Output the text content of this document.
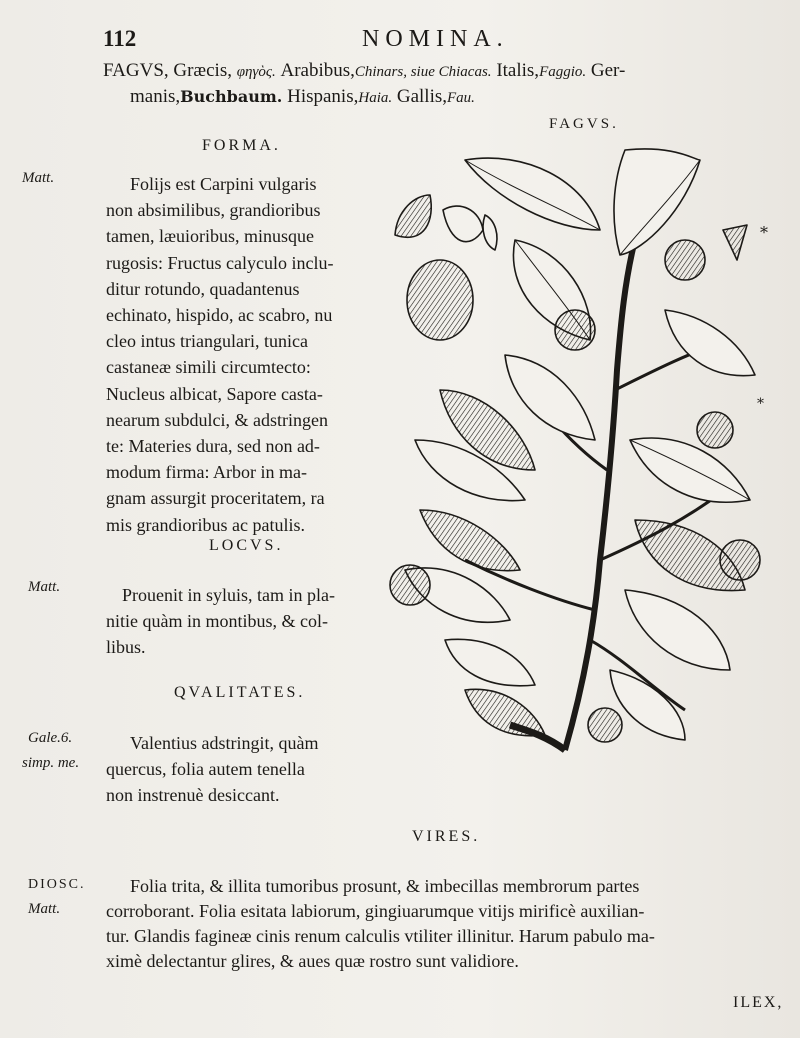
112	NOMINA.
FAGVS, Græcis, φηγὸς. Arabibus,Chinars, siue Chiacas. Italis,Faggio. Ger-
manis,Buchbaum. Hispanis,Haia. Gallis,Fau.
FAGVS.
FORMA.
Matt.	Folijs est Carpini vulgaris
non absimilibus, grandioribus
tamen, læuioribus, minusque
rugosis: Fructus calyculo inclu-
ditur rotundo, quadantenus
echinato, hispido, ac scabro, nu
cleo intus triangulari, tunica
castaneæ simili circumtecto:
Nucleus albicat, Sapore casta-
nearum subdulci, & adstringen
te: Materies dura, sed non ad-
modum firma: Arbor in ma-
gnam assurgit proceritatem, ra
mis grandioribus ac patulis.
LOCVS.
Matt.	Prouenit in syluis, tam in pla-
nitie quàm in montibus, & col-
libus.
QVALITATES.
Gale.6.
simp. me.
Valentius adstringit, quàm
quercus, folia autem tenella
non instrenuè desiccant.
VIRES.
DIOSC.
Matt.
Folia trita, & illita tumoribus prosunt, & imbecillas membrorum partes
corroborant. Folia esitata labiorum, gingiuarumque vitijs mirificè auxilian-
tur. Glandis fagineæ cinis renum calculis vtiliter illinitur. Harum pabulo ma-
ximè delectantur glires, & aues quæ rostro sunt validiore.
ILEX,
*
*
